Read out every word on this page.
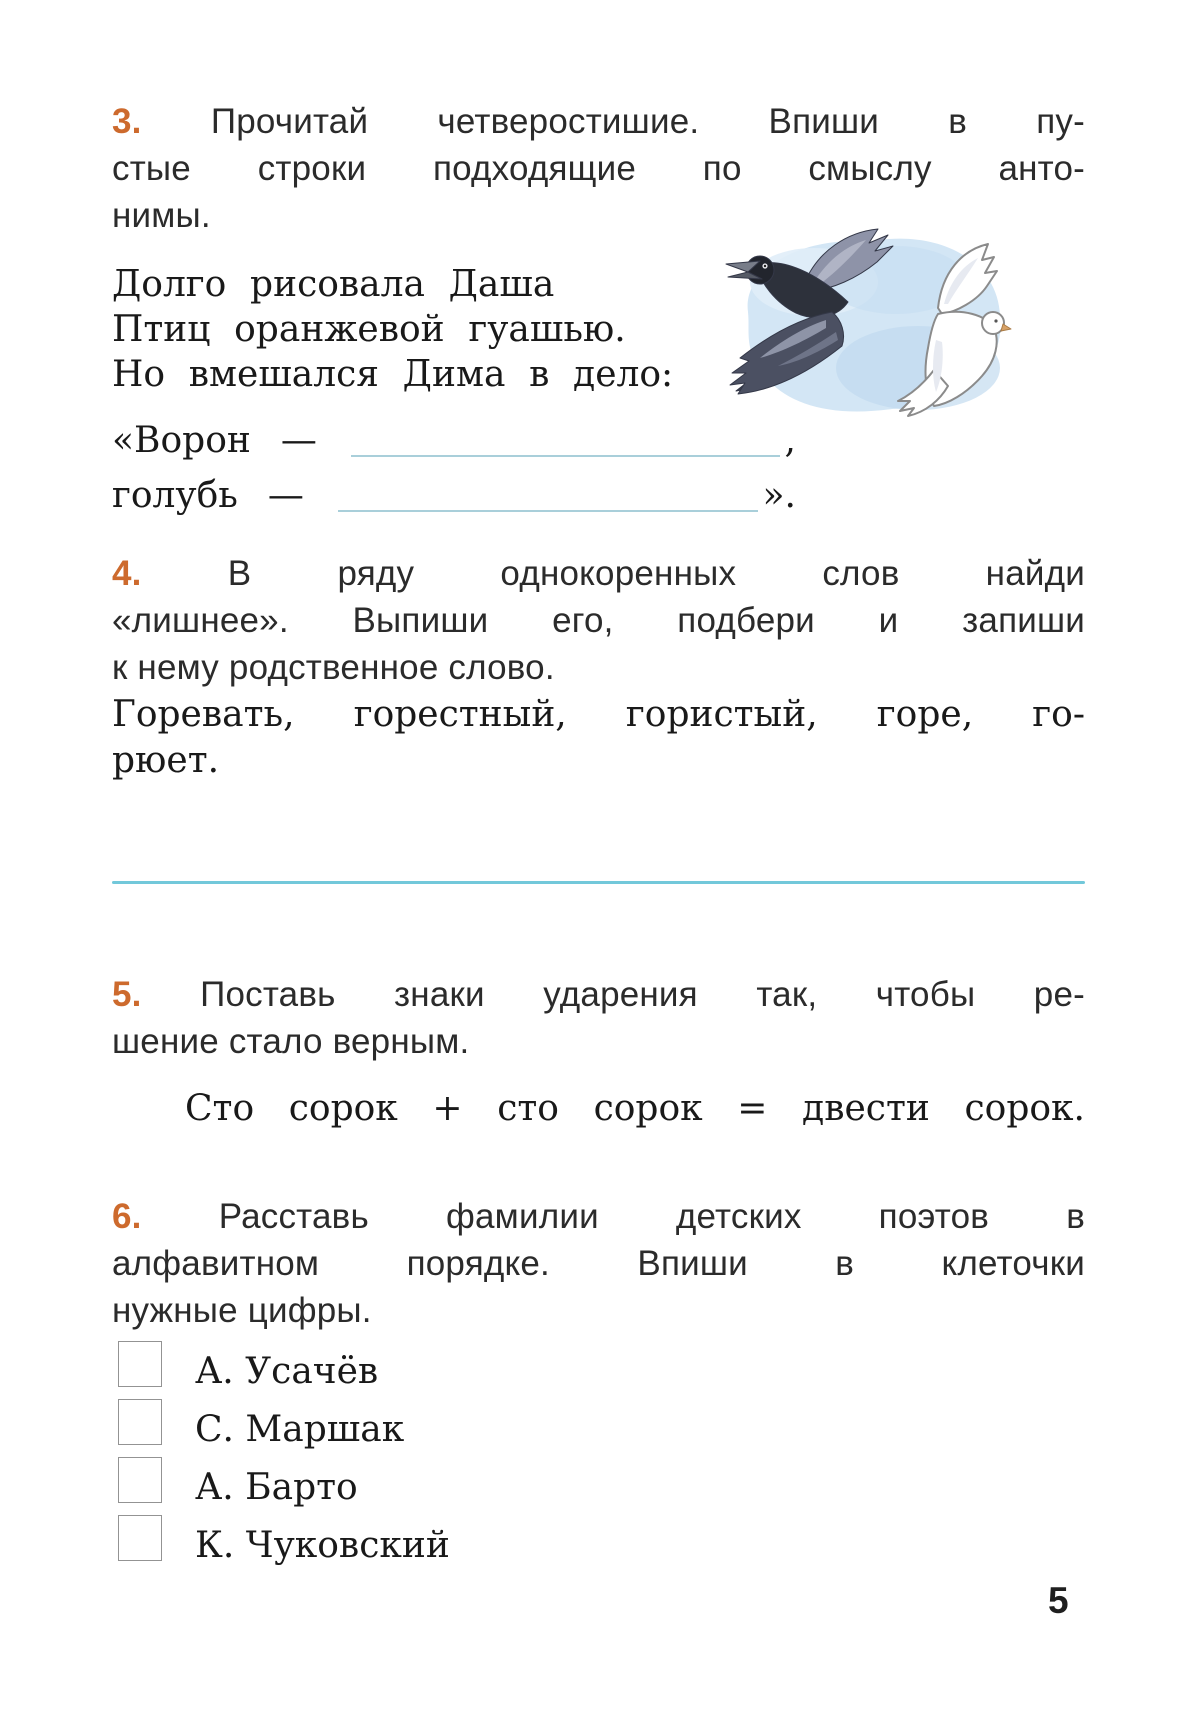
3. Прочитай четверостишие. Впиши в пу-
стые строки подходящие по смыслу анто-
нимы.
Долго рисовала Даша
Птиц оранжевой гуашью.
Но вмешался Дима в дело:
«Ворон —	,
голубь —	».
4. В ряду однокоренных слов найди
«лишнее». Выпиши его, подбери и запиши
к нему родственное слово.
Горевать, горестный, гористый, горе, го-
рюет.
5. Поставь знаки ударения так, чтобы ре-
шение стало верным.
Сто сорок + сто сорок = двести сорок.
6. Расставь фамилии детских поэтов в
алфавитном порядке. Впиши в клеточки
нужные цифры.
А. Усачёв
С. Маршак
А. Барто
К. Чуковский
5
